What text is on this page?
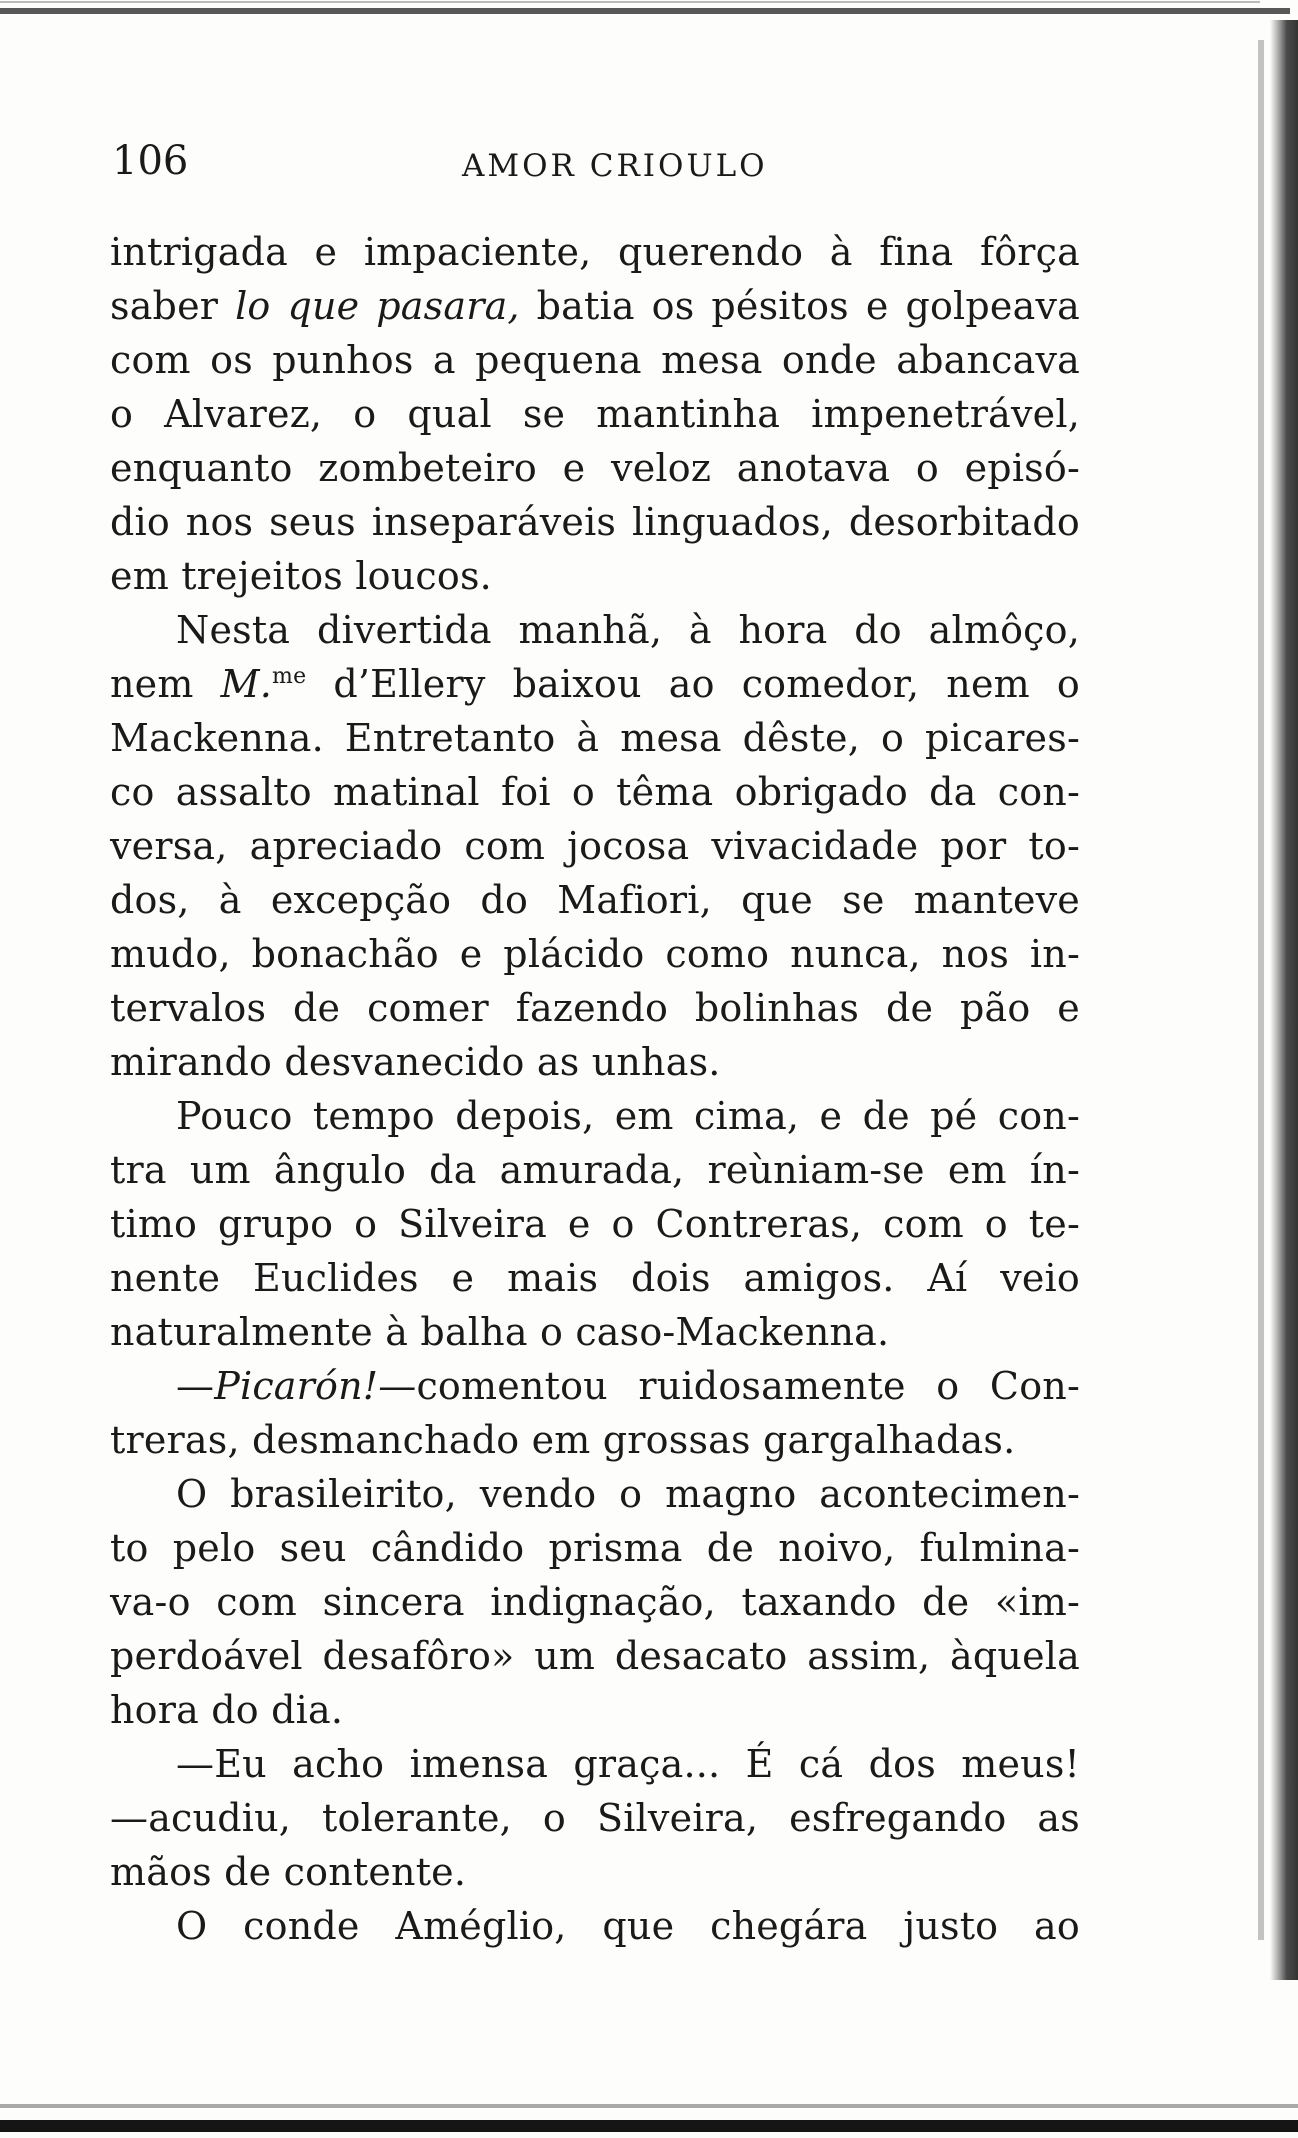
106	AMOR CRIOULO
intrigada e impaciente, querendo à fina fôrça
saber lo que pasara, batia os pésitos e golpeava
com os punhos a pequena mesa onde abancava
o Alvarez, o qual se mantinha impenetrável,
enquanto zombeteiro e veloz anotava o episó-
dio nos seus inseparáveis linguados, desorbitado
em trejeitos loucos.
Nesta divertida manhã, à hora do almôço,
nem M.$^{me}$ d’Ellery baixou ao comedor, nem o
Mackenna. Entretanto à mesa dêste, o picares-
co assalto matinal foi o têma obrigado da con-
versa, apreciado com jocosa vivacidade por to-
dos, à excepção do Mafiori, que se manteve
mudo, bonachão e plácido como nunca, nos in-
tervalos de comer fazendo bolinhas de pão e
mirando desvanecido as unhas.
Pouco tempo depois, em cima, e de pé con-
tra um ângulo da amurada, reùniam-se em ín-
timo grupo o Silveira e o Contreras, com o te-
nente Euclides e mais dois amigos. Aí veio
naturalmente à balha o caso-Mackenna.
—Picarón!—comentou ruidosamente o Con-
treras, desmanchado em grossas gargalhadas.
O brasileirito, vendo o magno acontecimen-
to pelo seu cândido prisma de noivo, fulmina-
va-o com sincera indignação, taxando de «im-
perdoável desafôro» um desacato assim, àquela
hora do dia.
—Eu acho imensa graça... É cá dos meus!
—acudiu, tolerante, o Silveira, esfregando as
mãos de contente.
O conde Améglio, que chegára justo ao
